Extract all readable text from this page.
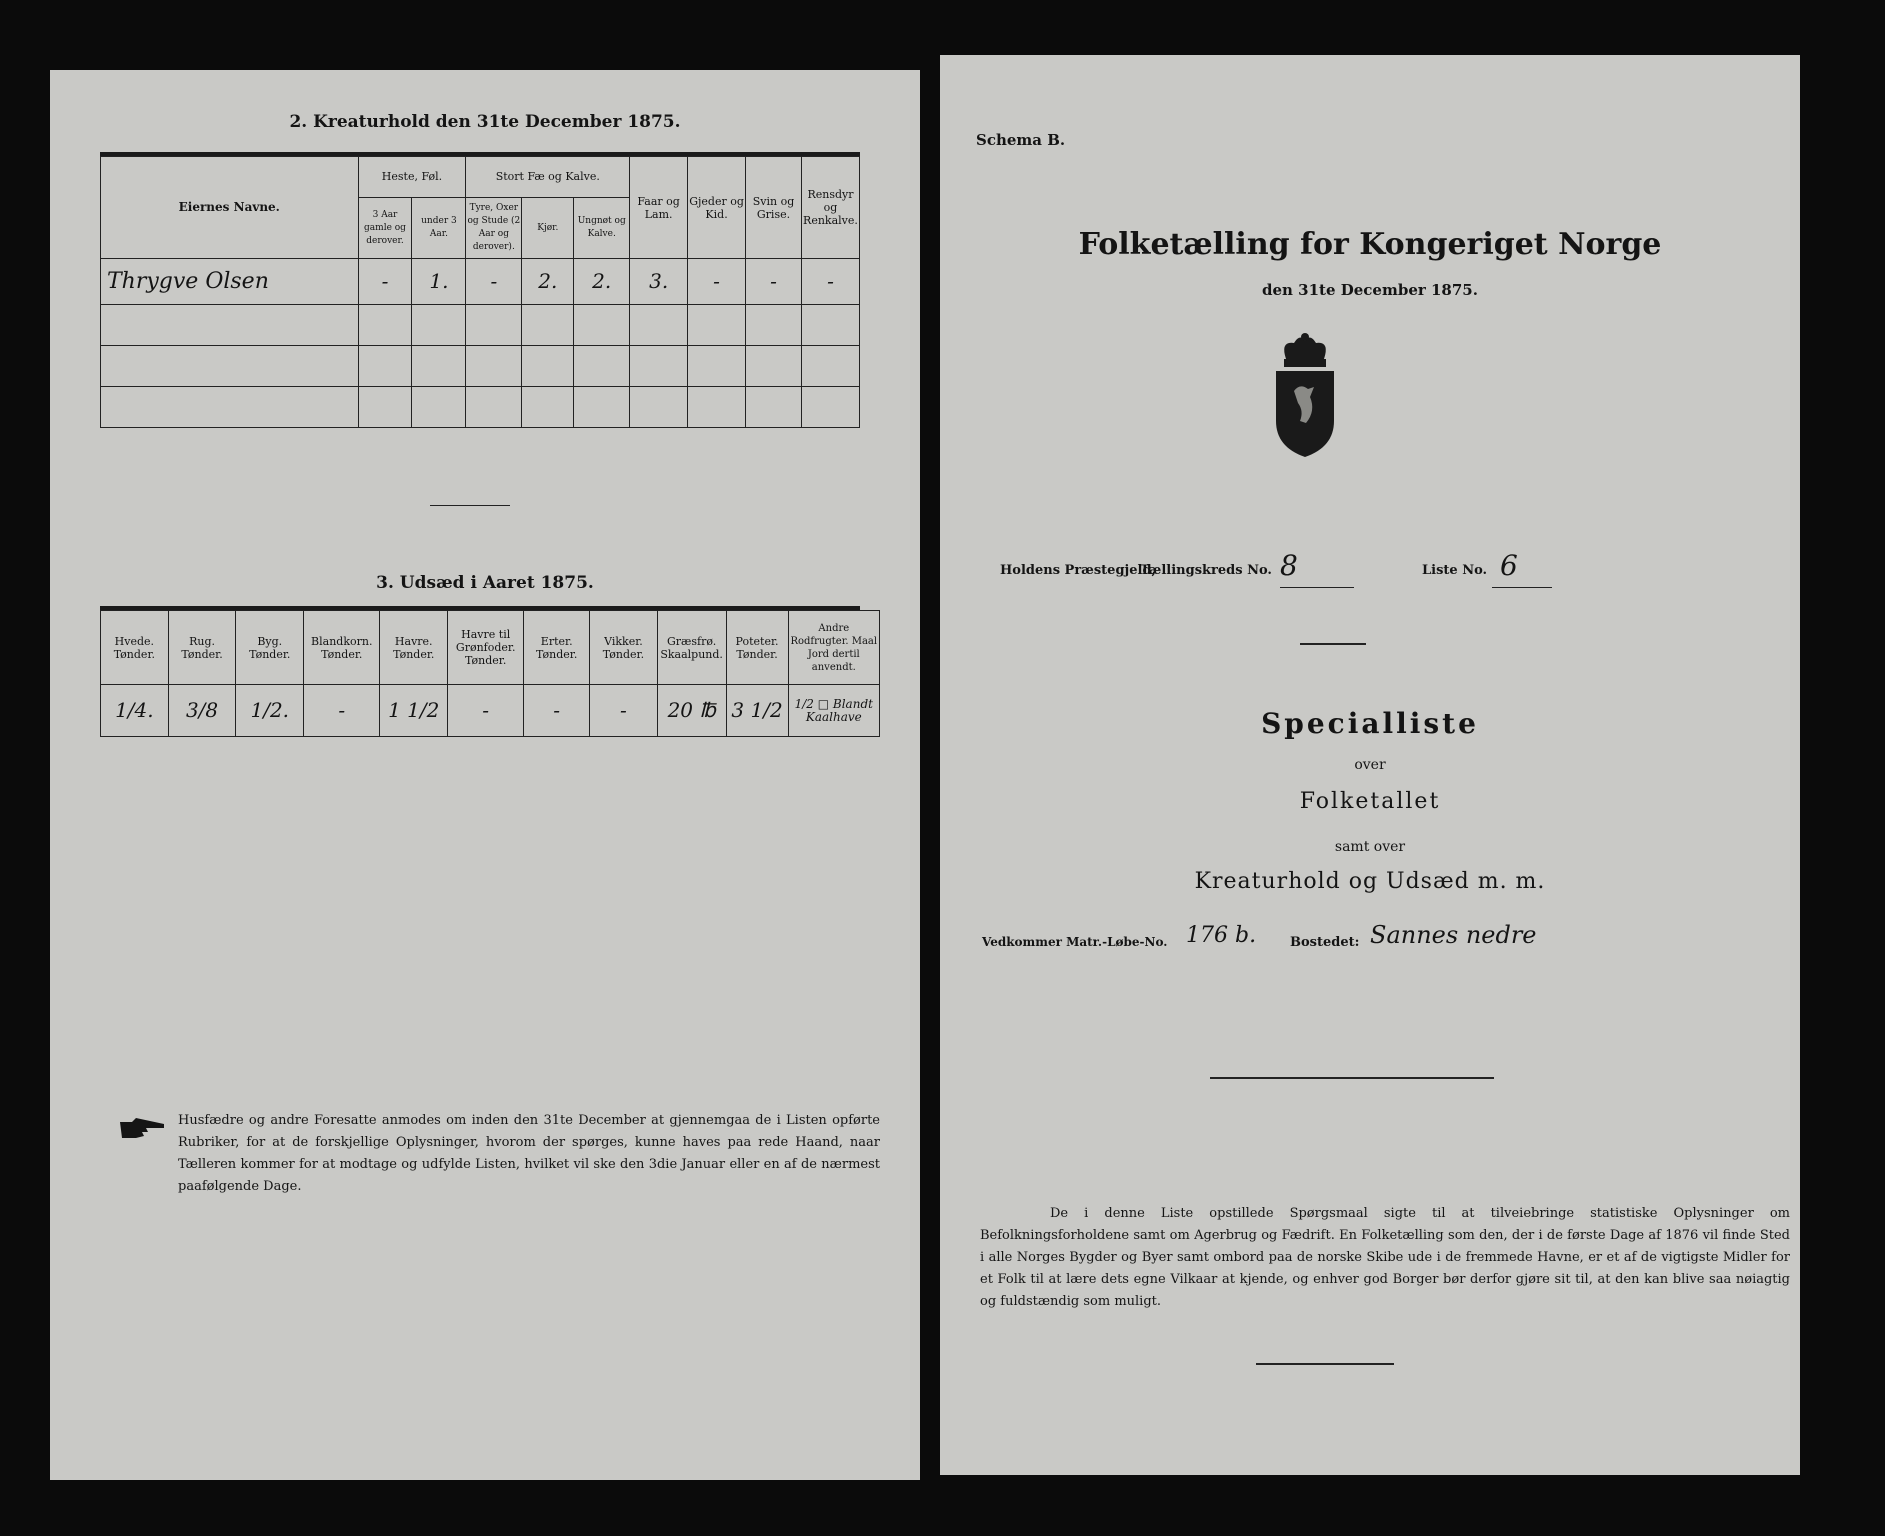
2. Kreaturhold den 31te December 1875.
Eiernes Navne.	Heste, Føl.		Stort Fæ og Kalve.			Faar og Lam.	Gjeder og Kid.	Svin og Grise.	Rensdyr og Renkalve.
	3 Aar gamle og derover.	under 3 Aar.	Tyre, Oxer og Stude (2 Aar og derover).	Kjør.	Ungnøt og Kalve.				
Thrygve Olsen	-	1.	-	2.	2.	3.	-	-	-

3. Udsæd i Aaret 1875.
Hvede. Tønder.	Rug. Tønder.	Byg. Tønder.	Blandkorn. Tønder.	Havre. Tønder.	Havre til Grønfoder. Tønder.	Erter. Tønder.	Vikker. Tønder.	Græsfrø. Skaalpund.	Poteter. Tønder.	Andre Rodfrugter. Maal Jord dertil anvendt.
1/4.	3/8	1/2.	-	1 1/2	-	-	-	20 ℔	3 1/2	1/2 □ Blandt Kaalhave
Husfædre og andre Foresatte anmodes om inden den 31te December at gjennemgaa de i Listen opførte Rubriker, for at de forskjellige Oplysninger, hvorom der spørges, kunne haves paa rede Haand, naar Tælleren kommer for at modtage og udfylde Listen, hvilket vil ske den 3die Januar eller en af de nærmest paafølgende Dage.
Schema B.
Folketælling for Kongeriget Norge
den 31te December 1875.
Holdens Præstegjeld,
Tællingskreds No. 8	Liste No. 6
Specialliste
over
Folketallet
samt over
Kreaturhold og Udsæd m. m.
Vedkommer Matr.-Løbe-No. 176 b.	Bostedet: Sannes nedre
De i denne Liste opstillede Spørgsmaal sigte til at tilveiebringe statistiske Oplysninger om Befolkningsforholdene samt om Agerbrug og Fædrift. En Folketælling som den, der i de første Dage af 1876 vil finde Sted i alle Norges Bygder og Byer samt ombord paa de norske Skibe ude i de fremmede Havne, er et af de vigtigste Midler for et Folk til at lære dets egne Vilkaar at kjende, og enhver god Borger bør derfor gjøre sit til, at den kan blive saa nøiagtig og fuldstændig som muligt.
